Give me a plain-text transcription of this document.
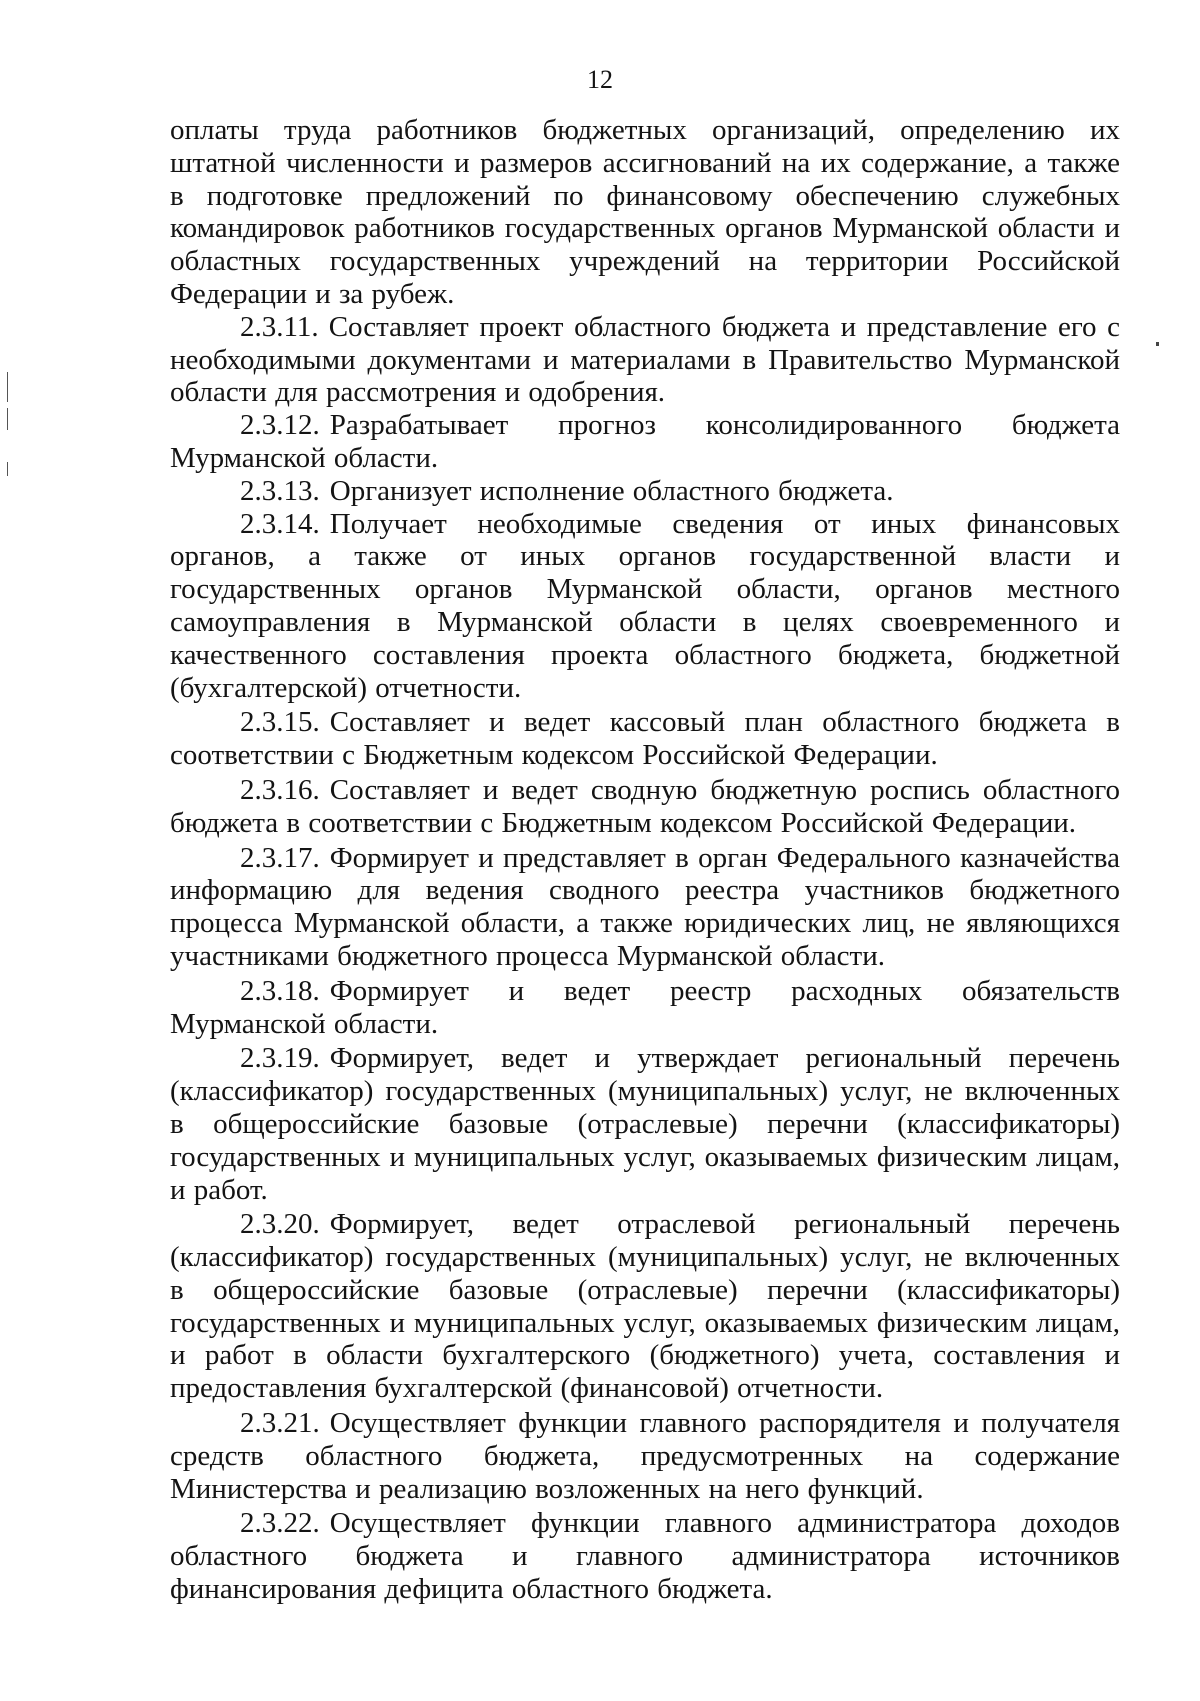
12

оплаты труда работников бюджетных организаций, определению их штатной численности и размеров ассигнований на их содержание, а также в подготовке предложений по финансовому обеспечению служебных командировок работников государственных органов Мурманской области и областных государственных учреждений на территории Российской Федерации и за рубеж.

2.3.11. Составляет проект областного бюджета и представление его с необходимыми документами и материалами в Правительство Мурманской области для рассмотрения и одобрения.

2.3.12. Разрабатывает прогноз консолидированного бюджета Мурманской области.

2.3.13. Организует исполнение областного бюджета.

2.3.14. Получает необходимые сведения от иных финансовых органов, а также от иных органов государственной власти и государственных органов Мурманской области, органов местного самоуправления в Мурманской области в целях своевременного и качественного составления проекта областного бюджета, бюджетной (бухгалтерской) отчетности.

2.3.15. Составляет и ведет кассовый план областного бюджета в соответствии с Бюджетным кодексом Российской Федерации.

2.3.16. Составляет и ведет сводную бюджетную роспись областного бюджета в соответствии с Бюджетным кодексом Российской Федерации.

2.3.17. Формирует и представляет в орган Федерального казначейства информацию для ведения сводного реестра участников бюджетного процесса Мурманской области, а также юридических лиц, не являющихся участниками бюджетного процесса Мурманской области.

2.3.18. Формирует и ведет реестр расходных обязательств Мурманской области.

2.3.19. Формирует, ведет и утверждает региональный перечень (классификатор) государственных (муниципальных) услуг, не включенных в общероссийские базовые (отраслевые) перечни (классификаторы) государственных и муниципальных услуг, оказываемых физическим лицам, и работ.

2.3.20. Формирует, ведет отраслевой региональный перечень (классификатор) государственных (муниципальных) услуг, не включенных в общероссийские базовые (отраслевые) перечни (классификаторы) государственных и муниципальных услуг, оказываемых физическим лицам, и работ в области бухгалтерского (бюджетного) учета, составления и предоставления бухгалтерской (финансовой) отчетности.

2.3.21. Осуществляет функции главного распорядителя и получателя средств областного бюджета, предусмотренных на содержание Министерства и реализацию возложенных на него функций.

2.3.22. Осуществляет функции главного администратора доходов областного бюджета и главного администратора источников финансирования дефицита областного бюджета.
